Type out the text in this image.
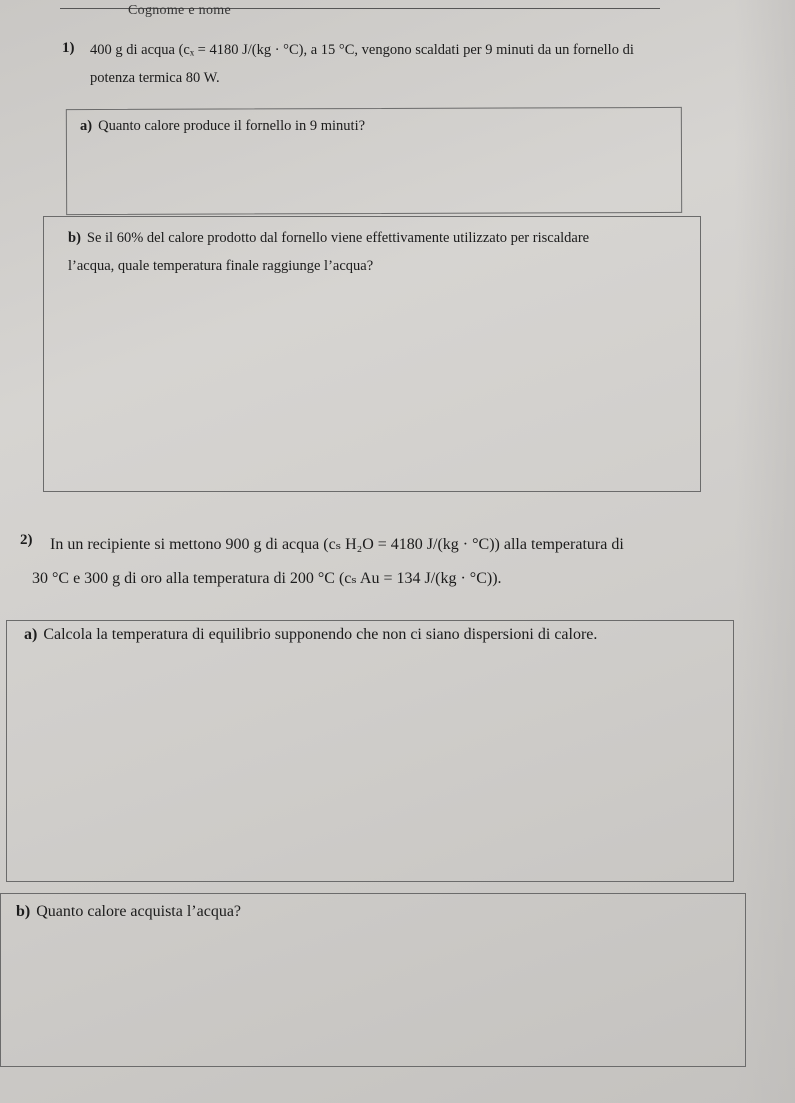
Cognome e nome
1) 400 g di acqua (cₓ = 4180 J/(kg · °C), a 15 °C, vengono scaldati per 9 minuti da un fornello di
potenza termica 80 W.
a) Quanto calore produce il fornello in 9 minuti?
b) Se il 60% del calore prodotto dal fornello viene effettivamente utilizzato per riscaldare
l’acqua, quale temperatura finale raggiunge l’acqua?
2) In un recipiente si mettono 900 g di acqua (cₛ H₂O = 4180 J/(kg · °C)) alla temperatura di
30 °C e 300 g di oro alla temperatura di 200 °C (cₛ Au = 134 J/(kg · °C)).
a) Calcola la temperatura di equilibrio supponendo che non ci siano dispersioni di calore.
b) Quanto calore acquista l’acqua?
